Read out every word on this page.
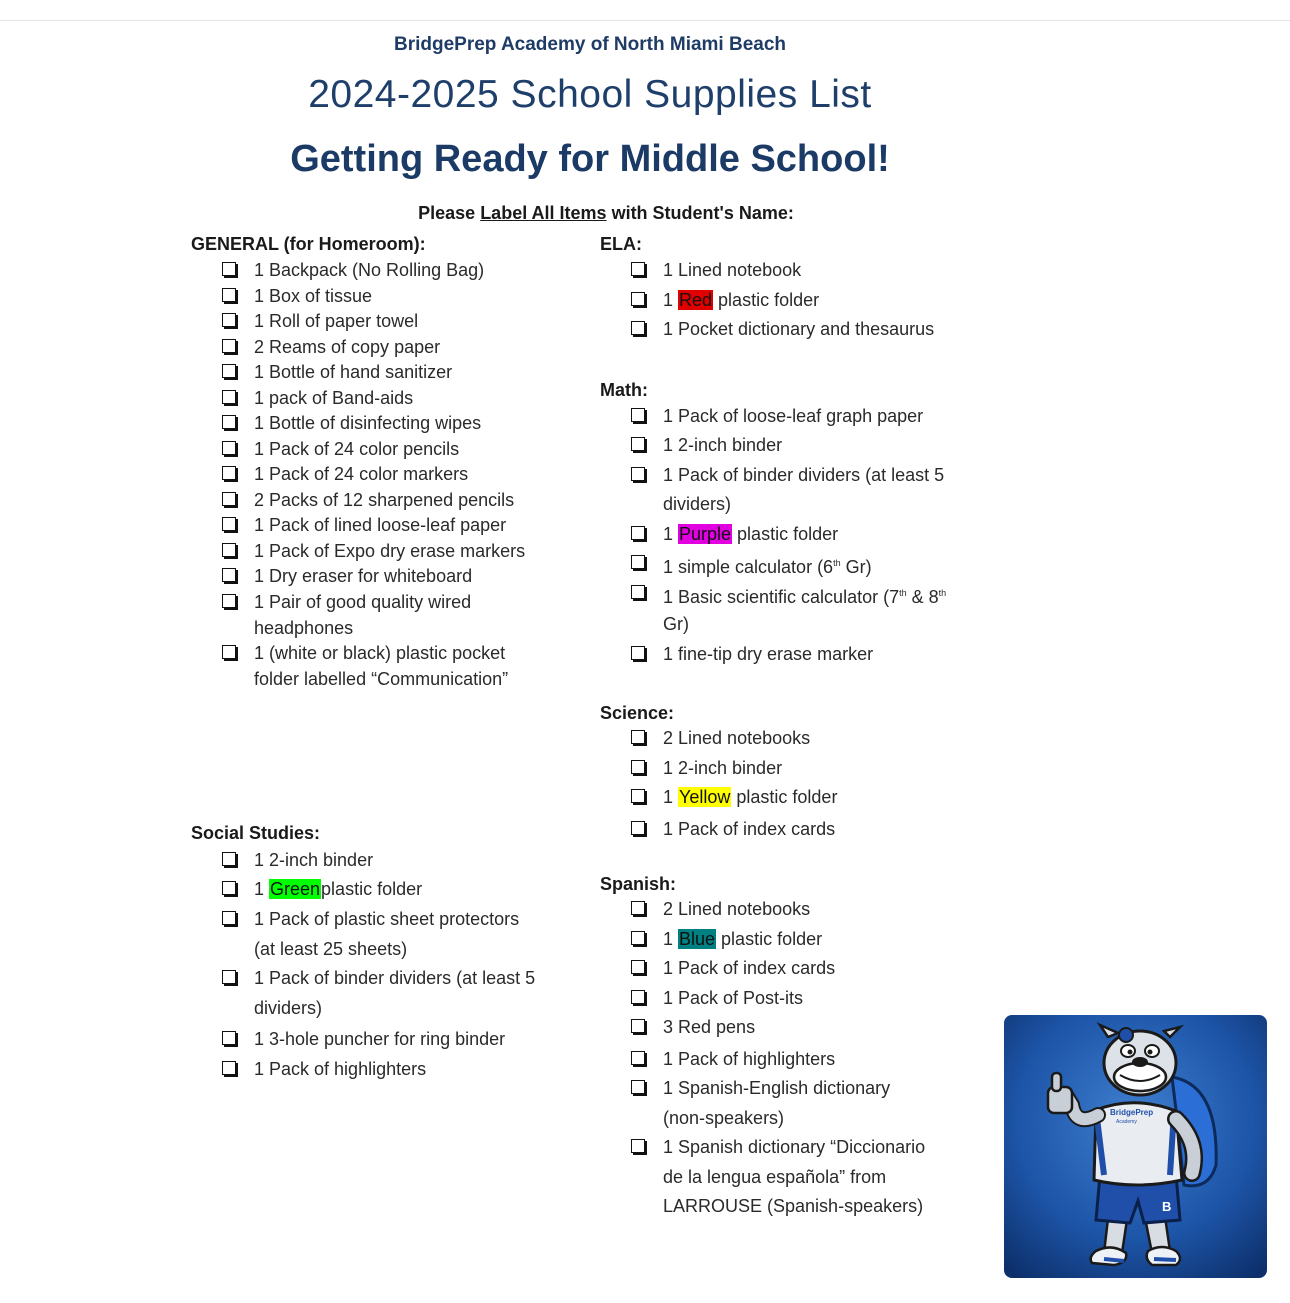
BridgePrep Academy of North Miami Beach
2024-2025 School Supplies List
Getting Ready for Middle School!
Please Label All Items with Student's Name:
GENERAL (for Homeroom):
1 Backpack (No Rolling Bag)
1 Box of tissue
1 Roll of paper towel
2 Reams of copy paper
1 Bottle of hand sanitizer
1 pack of Band-aids
1 Bottle of disinfecting wipes
1 Pack of 24 color pencils
1 Pack of 24 color markers
2 Packs of 12 sharpened pencils
1 Pack of lined loose-leaf paper
1 Pack of Expo dry erase markers
1 Dry eraser for whiteboard
1 Pair of good quality wired
headphones
1 (white or black) plastic pocket
folder labelled “Communication”
Social Studies:
1 2-inch binder
1 Greenplastic folder
1 Pack of plastic sheet protectors
(at least 25 sheets)
1 Pack of binder dividers (at least 5
dividers)
1 3-hole puncher for ring binder
1 Pack of highlighters
ELA:
1 Lined notebook
1 Red plastic folder
1 Pocket dictionary and thesaurus
Math:
1 Pack of loose-leaf graph paper
1 2-inch binder
1 Pack of binder dividers (at least 5
dividers)
1 Purple plastic folder
1 simple calculator (6th Gr)
1 Basic scientific calculator (7th & 8th
Gr)
1 fine-tip dry erase marker
Science:
2 Lined notebooks
1 2-inch binder
1 Yellow plastic folder
1 Pack of index cards
Spanish:
2 Lined notebooks
1 Blue plastic folder
1 Pack of index cards
1 Pack of Post-its
3 Red pens
1 Pack of highlighters
1 Spanish-English dictionary
(non-speakers)
1 Spanish dictionary “Diccionario
de la lengua española” from
LARROUSE (Spanish-speakers)	B
BridgePrep
Academy
